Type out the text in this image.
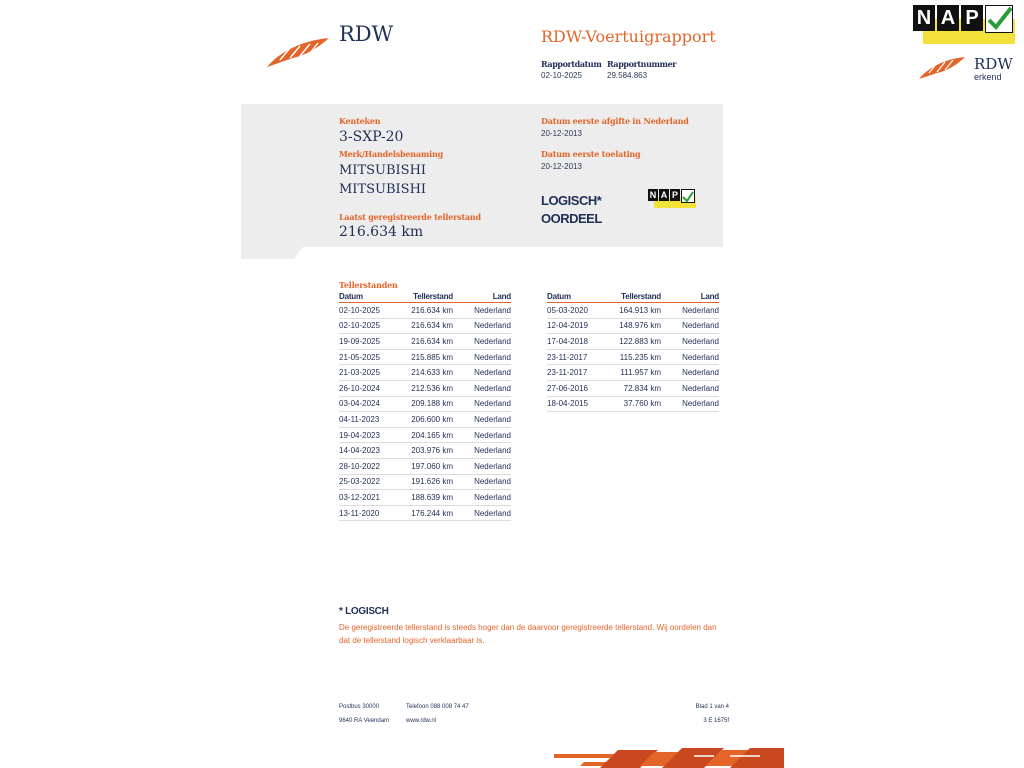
N A P
RDW
erkend
RDW	RDW-Voertuigrapport
Rapportdatum
02-10-2025
Rapportnummer
29.584.863
Kenteken
3-SXP-20
Merk/Handelsbenaming
MITSUBISHI
MITSUBISHI
Laatst geregistreerde tellerstand
216.634 km
Datum eerste afgifte in Nederland
20-12-2013
Datum eerste toelating
20-12-2013
LOGISCH*
OORDEEL
N A P
Tellerstanden
Datum	Tellerstand	Land
02-10-2025	216.634 km	Nederland
02-10-2025	216.634 km	Nederland
19-09-2025	216.634 km	Nederland
21-05-2025	215.885 km	Nederland
21-03-2025	214.633 km	Nederland
26-10-2024	212.536 km	Nederland
03-04-2024	209.188 km	Nederland
04-11-2023	206.600 km	Nederland
19-04-2023	204.165 km	Nederland
14-04-2023	203.976 km	Nederland
28-10-2022	197.060 km	Nederland
25-03-2022	191.626 km	Nederland
03-12-2021	188.639 km	Nederland
13-11-2020	176.244 km	Nederland
Datum	Tellerstand	Land
05-03-2020	164.913 km	Nederland
12-04-2019	148.976 km	Nederland
17-04-2018	122.883 km	Nederland
23-11-2017	115.235 km	Nederland
23-11-2017	111.957 km	Nederland
27-06-2016	72.834 km	Nederland
18-04-2015	37.760 km	Nederland
* LOGISCH
De geregistreerde tellerstand is steeds hoger dan de daarvoor geregistreerde tellerstand. Wij oordelen dan
dat de tellerstand logisch verklaarbaar is.
Postbus 30000
9640 RA Veendam
Telefoon 088 008 74 47
www.rdw.nl
Blad 1 van 4
3 E 1675f
